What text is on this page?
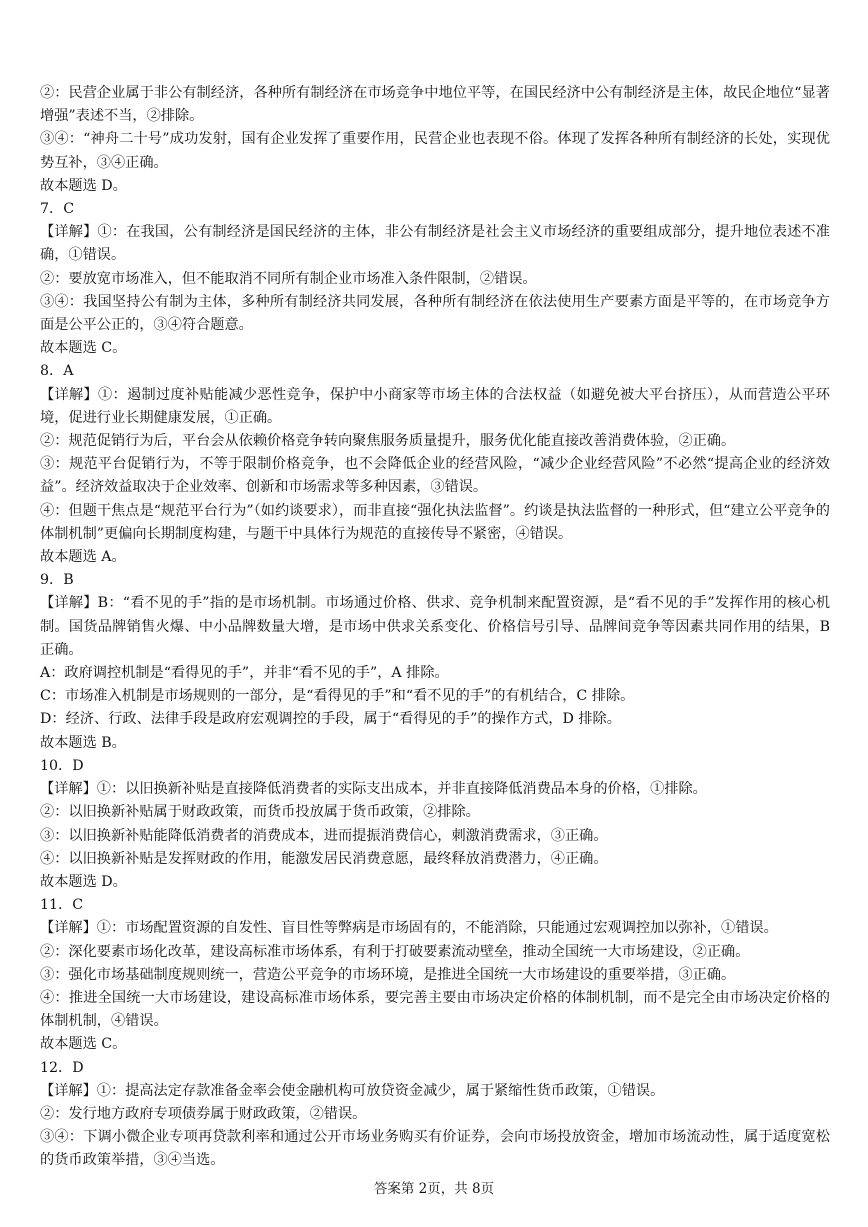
②：民营企业属于非公有制经济，各种所有制经济在市场竞争中地位平等，在国民经济中公有制经济是主体，故民企地位“显著增强”表述不当，②排除。

③④：“神舟二十号”成功发射，国有企业发挥了重要作用，民营企业也表现不俗。体现了发挥各种所有制经济的长处，实现优势互补，③④正确。

故本题选 D。

7．C

【详解】①：在我国，公有制经济是国民经济的主体，非公有制经济是社会主义市场经济的重要组成部分，提升地位表述不准确，①错误。

②：要放宽市场准入，但不能取消不同所有制企业市场准入条件限制，②错误。

③④：我国坚持公有制为主体，多种所有制经济共同发展，各种所有制经济在依法使用生产要素方面是平等的，在市场竞争方面是公平公正的，③④符合题意。

故本题选 C。

8．A

【详解】①：遏制过度补贴能减少恶性竞争，保护中小商家等市场主体的合法权益（如避免被大平台挤压），从而营造公平环境，促进行业长期健康发展，①正确。

②：规范促销行为后，平台会从依赖价格竞争转向聚焦服务质量提升，服务优化能直接改善消费体验，②正确。

③：规范平台促销行为，不等于限制价格竞争，也不会降低企业的经营风险，“减少企业经营风险”不必然“提高企业的经济效益”。经济效益取决于企业效率、创新和市场需求等多种因素，③错误。

④：但题干焦点是“规范平台行为”（如约谈要求），而非直接“强化执法监督”。约谈是执法监督的一种形式，但“建立公平竞争的体制机制”更偏向长期制度构建，与题干中具体行为规范的直接传导不紧密，④错误。

故本题选 A。

9．B

【详解】B：“看不见的手”指的是市场机制。市场通过价格、供求、竞争机制来配置资源，是“看不见的手”发挥作用的核心机制。国货品牌销售火爆、中小品牌数量大增，是市场中供求关系变化、价格信号引导、品牌间竞争等因素共同作用的结果，B 正确。

A：政府调控机制是“看得见的手”，并非“看不见的手”，A 排除。

C：市场准入机制是市场规则的一部分，是“看得见的手”和“看不见的手”的有机结合，C 排除。

D：经济、行政、法律手段是政府宏观调控的手段，属于“看得见的手”的操作方式，D 排除。

故本题选 B。

10．D

【详解】①：以旧换新补贴是直接降低消费者的实际支出成本，并非直接降低消费品本身的价格，①排除。

②：以旧换新补贴属于财政政策，而货币投放属于货币政策，②排除。

③：以旧换新补贴能降低消费者的消费成本，进而提振消费信心，刺激消费需求，③正确。

④：以旧换新补贴是发挥财政的作用，能激发居民消费意愿，最终释放消费潜力，④正确。

故本题选 D。

11．C

【详解】①：市场配置资源的自发性、盲目性等弊病是市场固有的，不能消除，只能通过宏观调控加以弥补，①错误。

②：深化要素市场化改革，建设高标准市场体系，有利于打破要素流动壁垒，推动全国统一大市场建设，②正确。

③：强化市场基础制度规则统一，营造公平竞争的市场环境，是推进全国统一大市场建设的重要举措，③正确。

④：推进全国统一大市场建设，建设高标准市场体系，要完善主要由市场决定价格的体制机制，而不是完全由市场决定价格的体制机制，④错误。

故本题选 C。

12．D

【详解】①：提高法定存款准备金率会使金融机构可放贷资金减少，属于紧缩性货币政策，①错误。

②：发行地方政府专项债券属于财政政策，②错误。

③④：下调小微企业专项再贷款利率和通过公开市场业务购买有价证券，会向市场投放资金，增加市场流动性，属于适度宽松的货币政策举措，③④当选。

答案第 2页，共 8页
